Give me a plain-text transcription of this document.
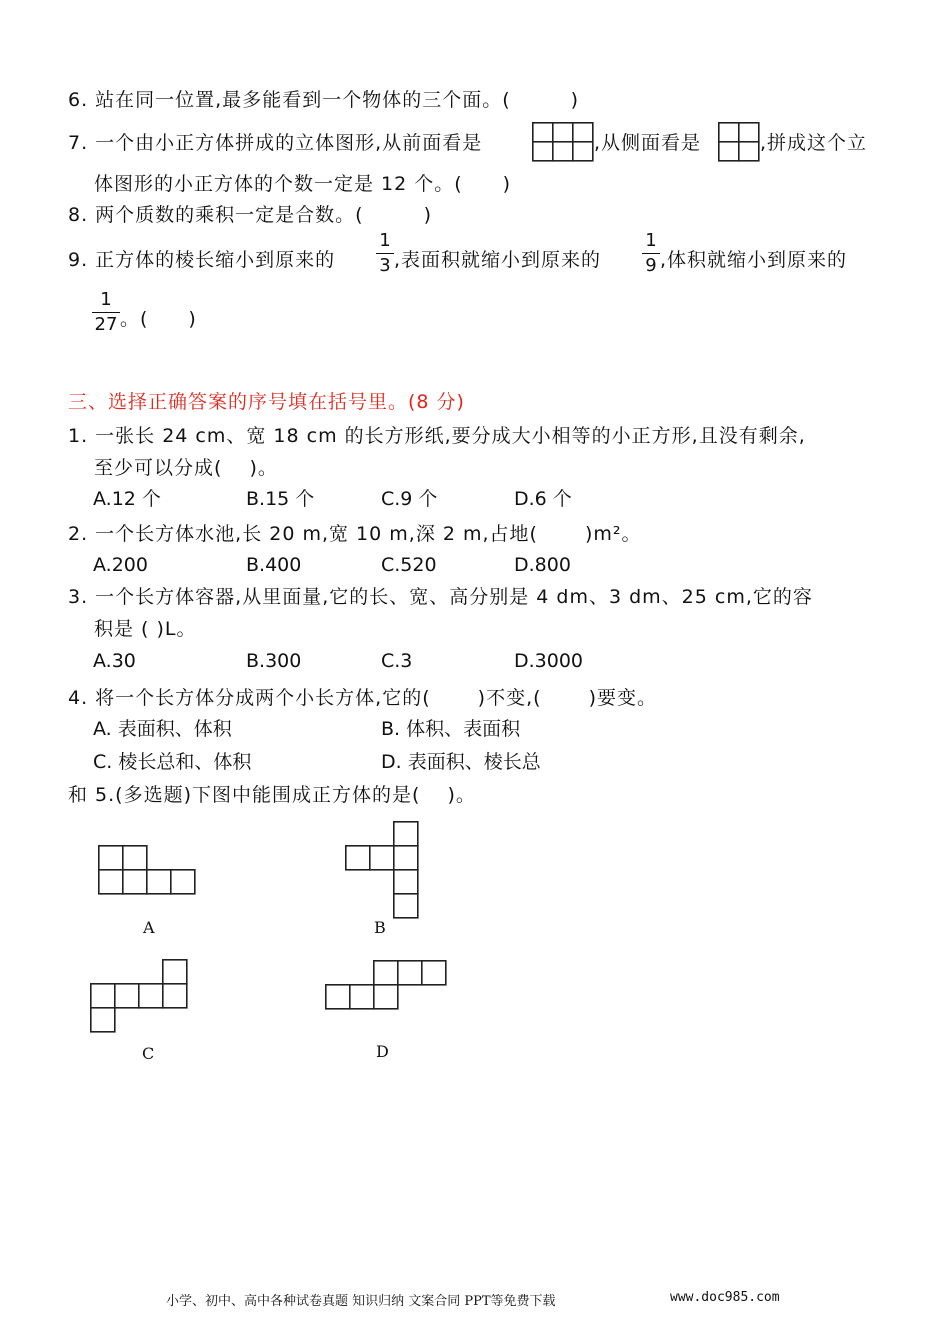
6. 站在同一位置,最多能看到一个物体的三个面。(　　　)
7. 一个由小正方体拼成的立体图形,从前面看是	,从侧面看是	,拼成这个立
体图形的小正方体的个数一定是 12 个。(　　)
8. 两个质数的乘积一定是合数。(　　　)
9. 正方体的棱长缩小到原来的
1
3 ,表面积就缩小到原来的
1
9 ,体积就缩小到原来的
1
27 。(　　)
三、选择正确答案的序号填在括号里。(8 分)
1. 一张长 24 cm、宽 18 cm 的长方形纸,要分成大小相等的小正方形,且没有剩余,
至少可以分成(　 )。
A.12 个	B.15 个	C.9 个	D.6 个
2. 一个长方体水池,长 20 m,宽 10 m,深 2 m,占地(　　 )m²。
A.200	B.400	C.520	D.800
3. 一个长方体容器,从里面量,它的长、宽、高分别是 4 dm、3 dm、25 cm,它的容
积是 ( )L。
A.30	B.300	C.3	D.3000
4. 将一个长方体分成两个小长方体,它的(　　 )不变,(　　 )要变。
A. 表面积、体积	B. 体积、表面积
C. 棱长总和、体积	D. 表面积、棱长总
和 5.(多选题)下图中能围成正方体的是(　 )。
A	B
C	D
小学、初中、高中各种试卷真题 知识归纳 文案合同 PPT等免费下载	www.doc985.com
